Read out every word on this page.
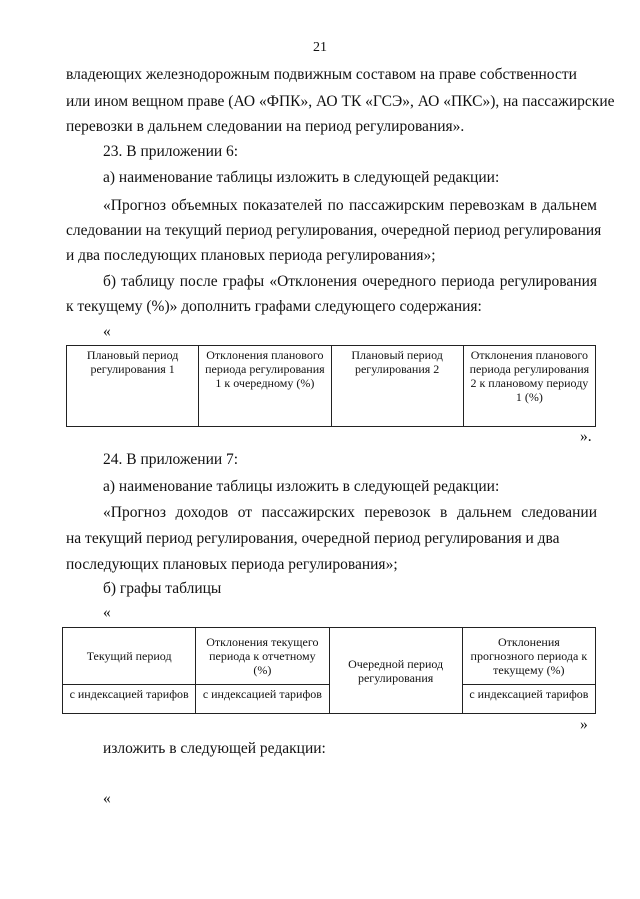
21
владеющих железнодорожным подвижным составом на праве собственности
или ином вещном праве (АО «ФПК», АО ТК «ГСЭ», АО «ПКС»), на пассажирские
перевозки в дальнем следовании на период регулирования».
23. В приложении 6:
а) наименование таблицы изложить в следующей редакции:
«Прогноз объемных показателей по пассажирским перевозкам в дальнем
следовании на текущий период регулирования, очередной период регулирования
и два последующих плановых периода регулирования»;
б) таблицу после графы «Отклонения очередного периода регулирования
к текущему (%)» дополнить графами следующего содержания:
«
Плановый период регулирования 1	Отклонения планового периода регулирования 1 к очередному (%)	Плановый период регулирования 2	Отклонения планового периода регулирования 2 к плановому периоду 1 (%)
».
24. В приложении 7:
а) наименование таблицы изложить в следующей редакции:
«Прогноз доходов от пассажирских перевозок в дальнем следовании
на текущий период регулирования, очередной период регулирования и два
последующих плановых периода регулирования»;
б) графы таблицы
«
Текущий период	Отклонения текущего периода к отчетному (%)	Очередной период регулирования	Отклонения прогнозного периода к текущему (%)
с индексацией тарифов	с индексацией тарифов		с индексацией тарифов
»
изложить в следующей редакции:
«
